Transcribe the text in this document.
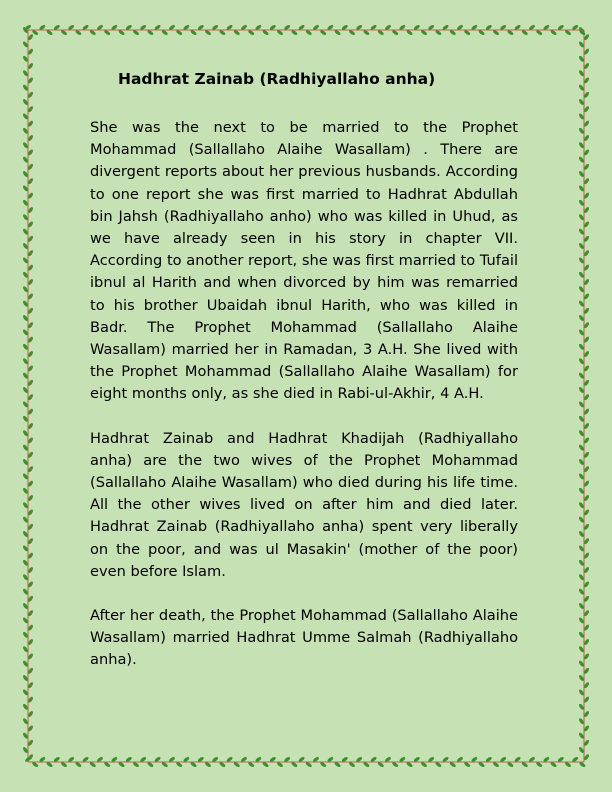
Hadhrat Zainab (Radhiyallaho anha)

She was the next to be married to the Prophet Mohammad (Sallallaho Alaihe Wasallam) . There are divergent reports about her previous husbands. According to one report she was first married to Hadhrat Abdullah bin Jahsh (Radhiyallaho anho) who was killed in Uhud, as we have already seen in his story in chapter VII. According to another report, she was first married to Tufail ibnul al Harith and when divorced by him was remarried to his brother Ubaidah ibnul Harith, who was killed in Badr. The Prophet Mohammad (Sallallaho Alaihe Wasallam) married her in Ramadan, 3 A.H. She lived with the Prophet Mohammad (Sallallaho Alaihe Wasallam) for eight months only, as she died in Rabi-ul-Akhir, 4 A.H.

Hadhrat Zainab and Hadhrat Khadijah (Radhiyallaho anha) are the two wives of the Prophet Mohammad (Sallallaho Alaihe Wasallam) who died during his life time. All the other wives lived on after him and died later. Hadhrat Zainab (Radhiyallaho anha) spent very liberally on the poor, and was ul Masakin' (mother of the poor) even before Islam.

After her death, the Prophet Mohammad (Sallallaho Alaihe Wasallam) married Hadhrat Umme Salmah (Radhiyallaho anha).
